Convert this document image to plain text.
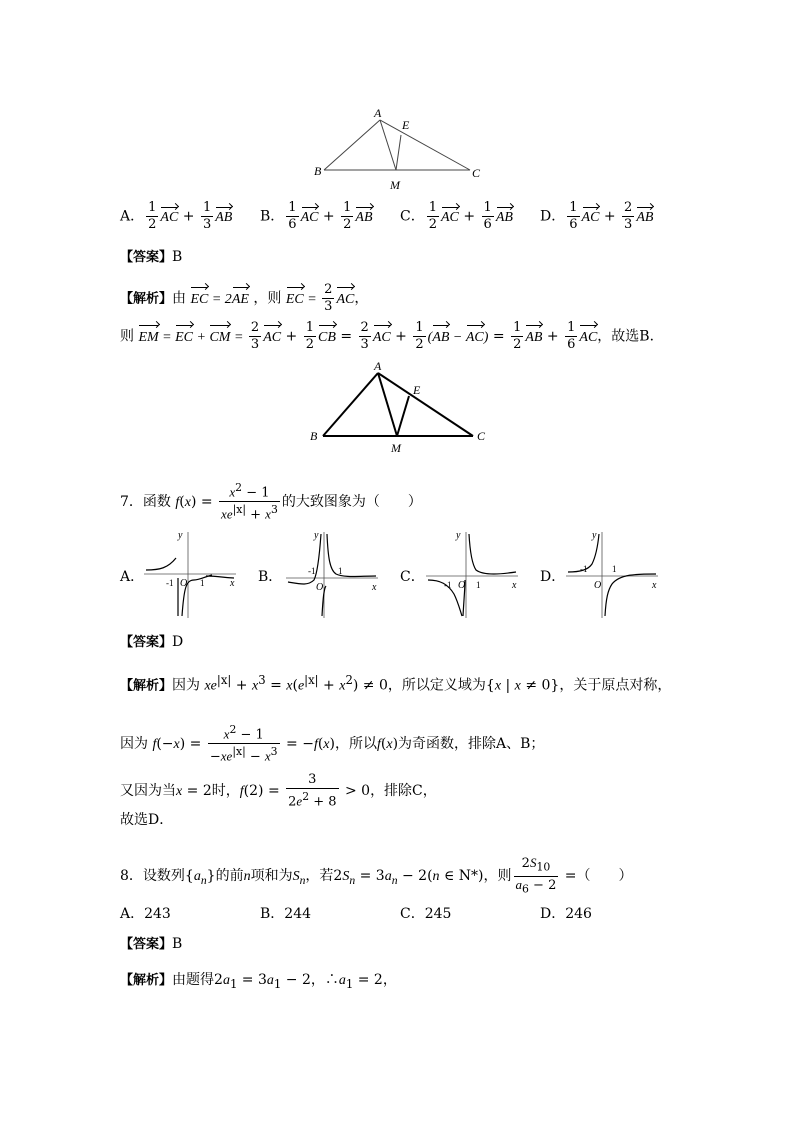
A
E
B
M
C
A． $\frac{1}{2}$ AC + $\frac{1}{3}$ AB B． $\frac{1}{6}$ AC + $\frac{1}{2}$ AB C． $\frac{1}{2}$ AC + $\frac{1}{6}$ AB D． $\frac{1}{6}$ AC + $\frac{2}{3}$ AB
【答案】B
【解析】由 EC = 2AE ，则 EC = $\frac{2}{3}$ AC，
则 EM = EC + CM = $\frac{2}{3}$ AC + $\frac{1}{2}$ CB = $\frac{2}{3}$ AC + $\frac{1}{2} (AB - AC) = \frac{1}{2}$ AB + $\frac{1}{6}$ AC，故选B．
A
E
B
M
C
7．函数 $f(x) = \frac{x^2 - 1}{xe^{|x|} + x^3}$ 的大致图象为（　　）
A．	B．	C．	D．
y
x
O
-1	1
y
x
O
-1	1
y
x
O
-1	1
y
x
O
-1	1
【答案】D
【解析】因为 $xe^{|x|} + x^3 = x(e^{|x|} + x^2) \ne 0$，所以定义域为{x | x ≠ 0}，关于原点对称，
因为 $f(-x) = \frac{x^2 - 1}{-xe^{|x|} - x^3} = -f(x)$，所以f(x)为奇函数，排除A、B；
又因为当x = 2时，$f(2) = \frac{3}{2e^2 + 8} > 0$，排除C，
故选D．
8．设数列$\{a_n\}$的前n项和为$S_n$，若$2S_n = 3a_n - 2(n$ ∈ N*)，则 $\frac{2S_{10}}{a_6 - 2}$ =（　　）
A．243	B．244	C．245	D．246
【答案】B
【解析】由题得$2a_1 = 3a_1 - 2$，$\therefore a_1 = 2$，
